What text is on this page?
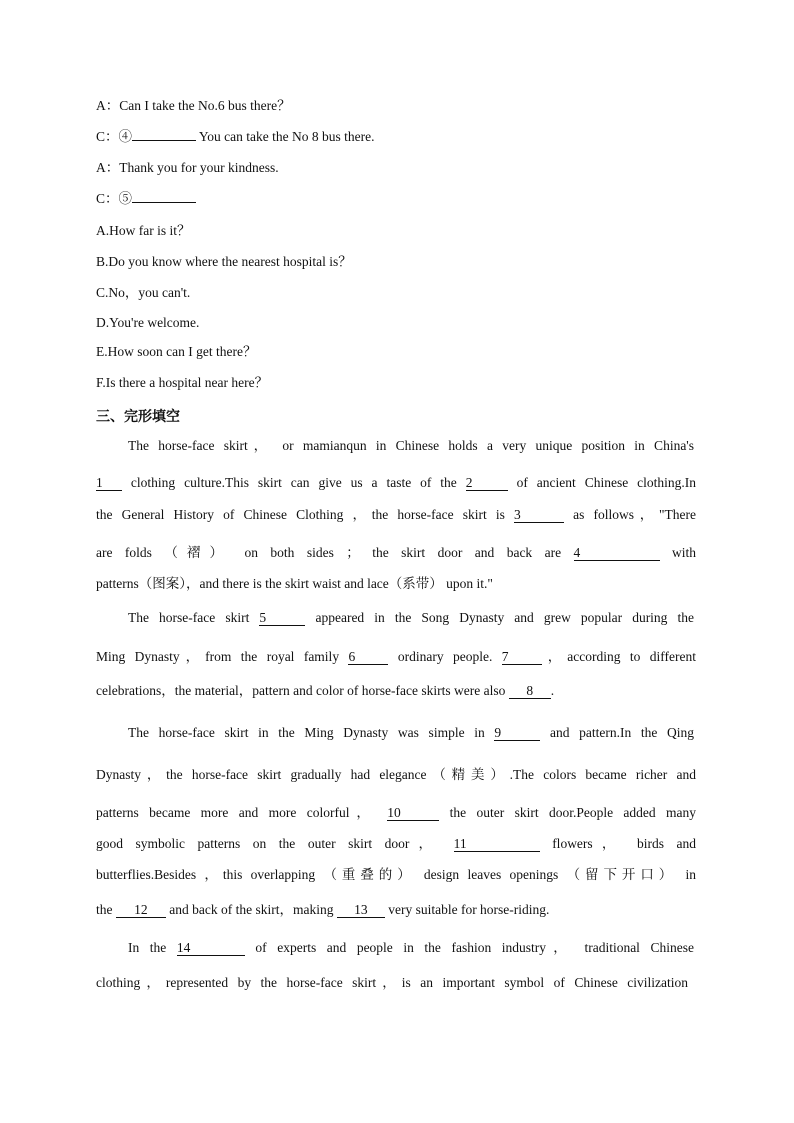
A：Can I take the No.6 bus there？
C：④	You can take the No 8 bus there.
A：Thank you for your kindness.
C：⑤
A.How far is it？
B.Do you know where the nearest hospital is？
C.No，you can't.
D.You're welcome.
E.How soon can I get there？
F.Is there a hospital near here？
三、完形填空
The horse-face skirt， or mamianqun in Chinese holds a very unique position in China's
1 clothing culture.This skirt can give us a taste of the 2	of ancient Chinese clothing.In
the General History of Chinese Clothing ，the horse-face skirt is 3	as follows，"There
are folds （褶） on both sides ； the skirt door and back are 4	with
patterns（图案），and there is the skirt waist and lace（系带） upon it."
The horse-face skirt 5	appeared in the Song Dynasty and grew popular during the
Ming Dynasty，from the royal family 6 ordinary people. 7 ，according to different
celebrations，the material，pattern and color of horse-face skirts were also 8 .
The horse-face skirt in the Ming Dynasty was simple in 9	and pattern.In the Qing
Dynasty，the horse-face skirt gradually had elegance（精美）.The colors became richer and
patterns became more and more colorful， 10	the outer skirt door.People added many
good symbolic patterns on the outer skirt door， 11	flowers， birds and
butterflies.Besides ，this overlapping （重叠的） design leaves openings （留下开口） in
the 12 and back of the skirt，making 13 very suitable for horse-riding.
In the 14	of experts and people in the fashion industry， traditional Chinese
clothing，represented by the horse-face skirt，is an important symbol of Chinese civilization
